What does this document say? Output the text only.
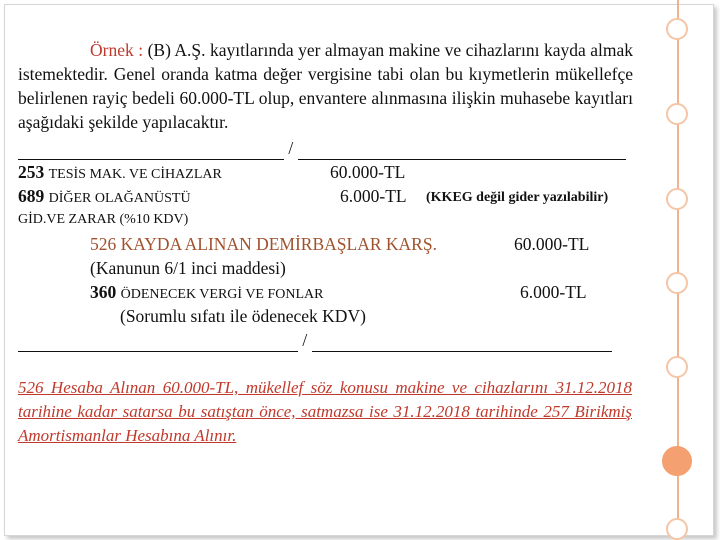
Örnek : (B) A.Ş. kayıtlarında yer almayan makine ve cihazlarını kayda almak istemektedir. Genel oranda katma değer vergisine tabi olan bu kıymetlerin mükellefçe belirlenen rayiç bedeli 60.000-TL olup, envantere alınmasına ilişkin muhasebe kayıtları aşağıdaki şekilde yapılacaktır.
/
253 TESİS MAK. VE CİHAZLAR	60.000-TL
689 DİĞER OLAĞANÜSTÜ	6.000-TL (KKEG değil gider yazılabilir)
GİD.VE ZARAR (%10 KDV)
526 KAYDA ALINAN DEMİRBAŞLAR KARŞ.	60.000-TL
(Kanunun 6/1 inci maddesi)
360 ÖDENECEK VERGİ VE FONLAR	6.000-TL
(Sorumlu sıfatı ile ödenecek KDV)
/
526 Hesaba Alınan 60.000-TL, mükellef söz konusu makine ve cihazlarını 31.12.2018 tarihine kadar satarsa bu satıştan önce, satmazsa ise 31.12.2018 tarihinde 257 Birikmiş Amortismanlar Hesabına Alınır.
